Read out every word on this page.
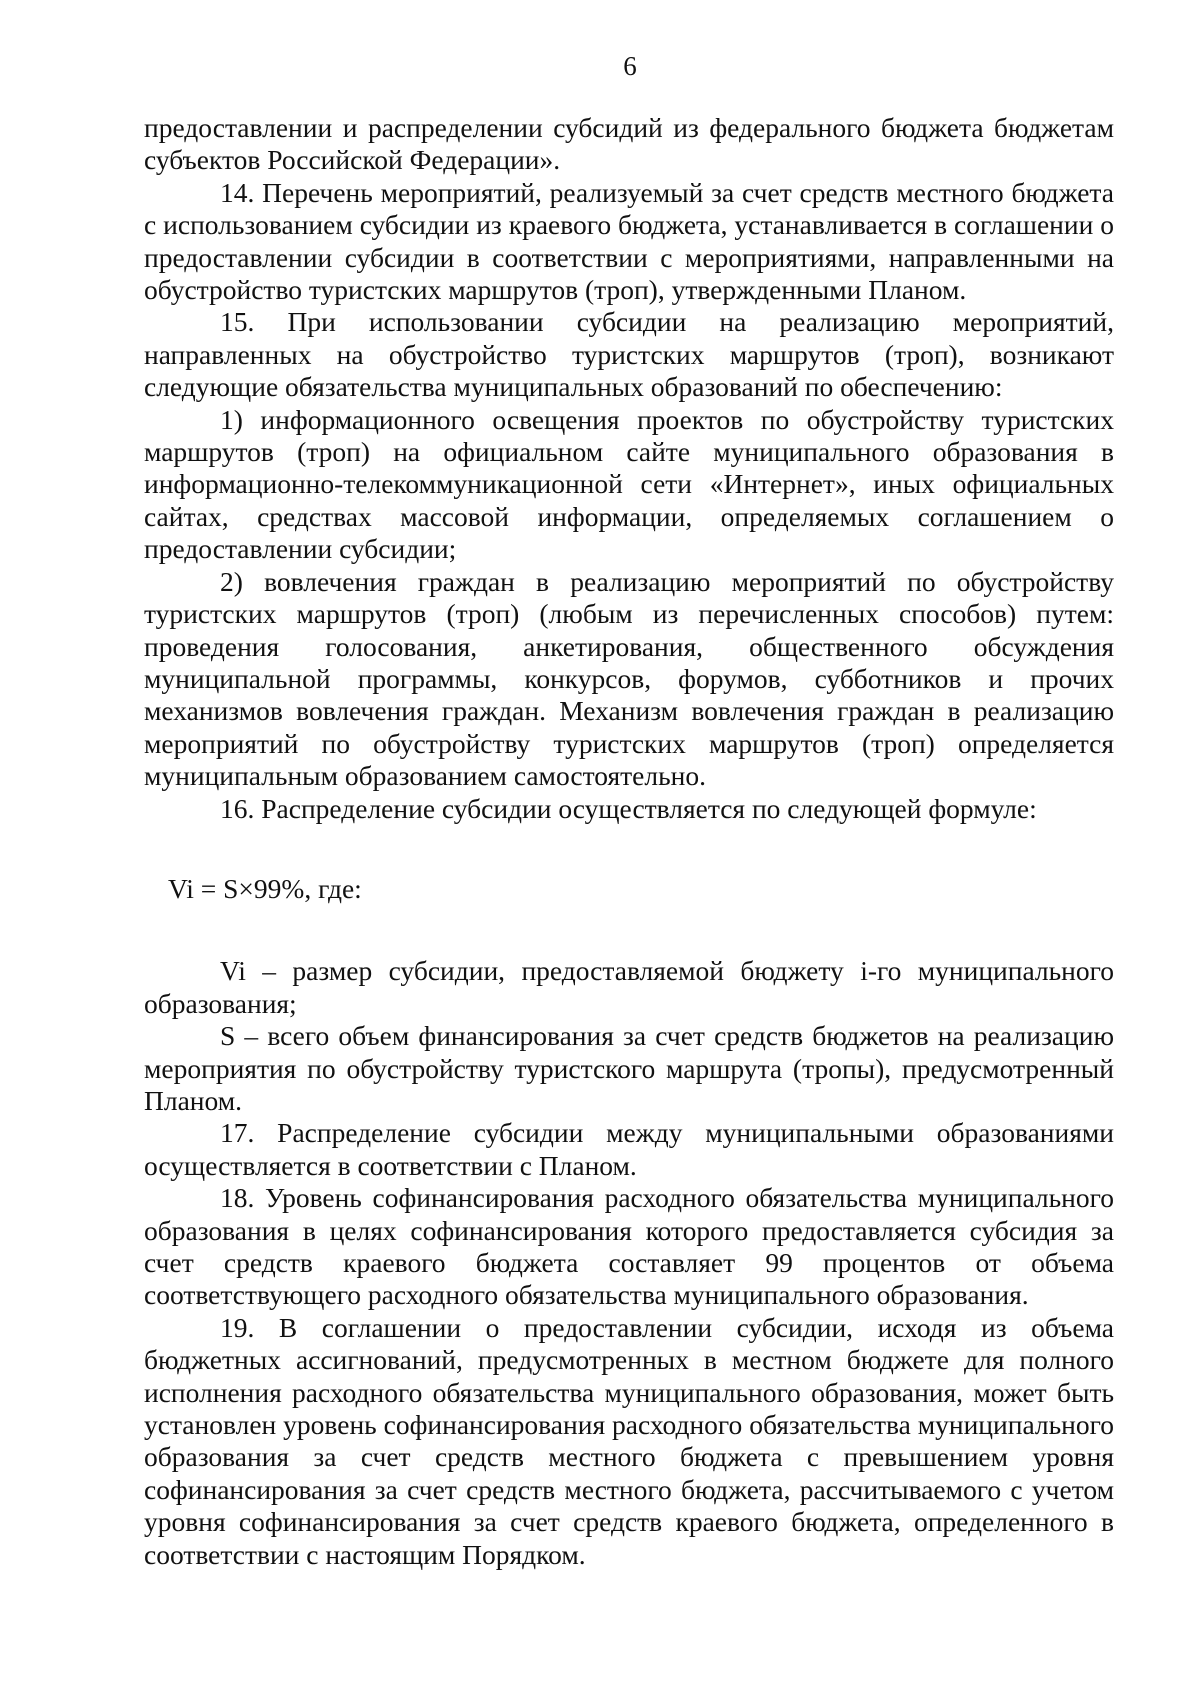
6

предоставлении и распределении субсидий из федерального бюджета бюджетам субъектов Российской Федерации».

14. Перечень мероприятий, реализуемый за счет средств местного бюджета с использованием субсидии из краевого бюджета, устанавливается в соглашении о предоставлении субсидии в соответствии с мероприятиями, направленными на обустройство туристских маршрутов (троп), утвержденными Планом.

15. При использовании субсидии на реализацию мероприятий, направленных на обустройство туристских маршрутов (троп), возникают следующие обязательства муниципальных образований по обеспечению:

1) информационного освещения проектов по обустройству туристских маршрутов (троп) на официальном сайте муниципального образования в информационно-телекоммуникационной сети «Интернет», иных официальных сайтах, средствах массовой информации, определяемых соглашением о предоставлении субсидии;

2) вовлечения граждан в реализацию мероприятий по обустройству туристских маршрутов (троп) (любым из перечисленных способов) путем: проведения голосования, анкетирования, общественного обсуждения муниципальной программы, конкурсов, форумов, субботников и прочих механизмов вовлечения граждан. Механизм вовлечения граждан в реализацию мероприятий по обустройству туристских маршрутов (троп) определяется муниципальным образованием самостоятельно.

16. Распределение субсидии осуществляется по следующей формуле:

Vi = S×99%, где:

Vi – размер субсидии, предоставляемой бюджету i-го муниципального образования;

S – всего объем финансирования за счет средств бюджетов на реализацию мероприятия по обустройству туристского маршрута (тропы), предусмотренный Планом.

17. Распределение субсидии между муниципальными образованиями осуществляется в соответствии с Планом.

18. Уровень софинансирования расходного обязательства муниципального образования в целях софинансирования которого предоставляется субсидия за счет средств краевого бюджета составляет 99 процентов от объема соответствующего расходного обязательства муниципального образования.

19. В соглашении о предоставлении субсидии, исходя из объема бюджетных ассигнований, предусмотренных в местном бюджете для полного исполнения расходного обязательства муниципального образования, может быть установлен уровень софинансирования расходного обязательства муниципального образования за счет средств местного бюджета с превышением уровня софинансирования за счет средств местного бюджета, рассчитываемого с учетом уровня софинансирования за счет средств краевого бюджета, определенного в соответствии с настоящим Порядком.
